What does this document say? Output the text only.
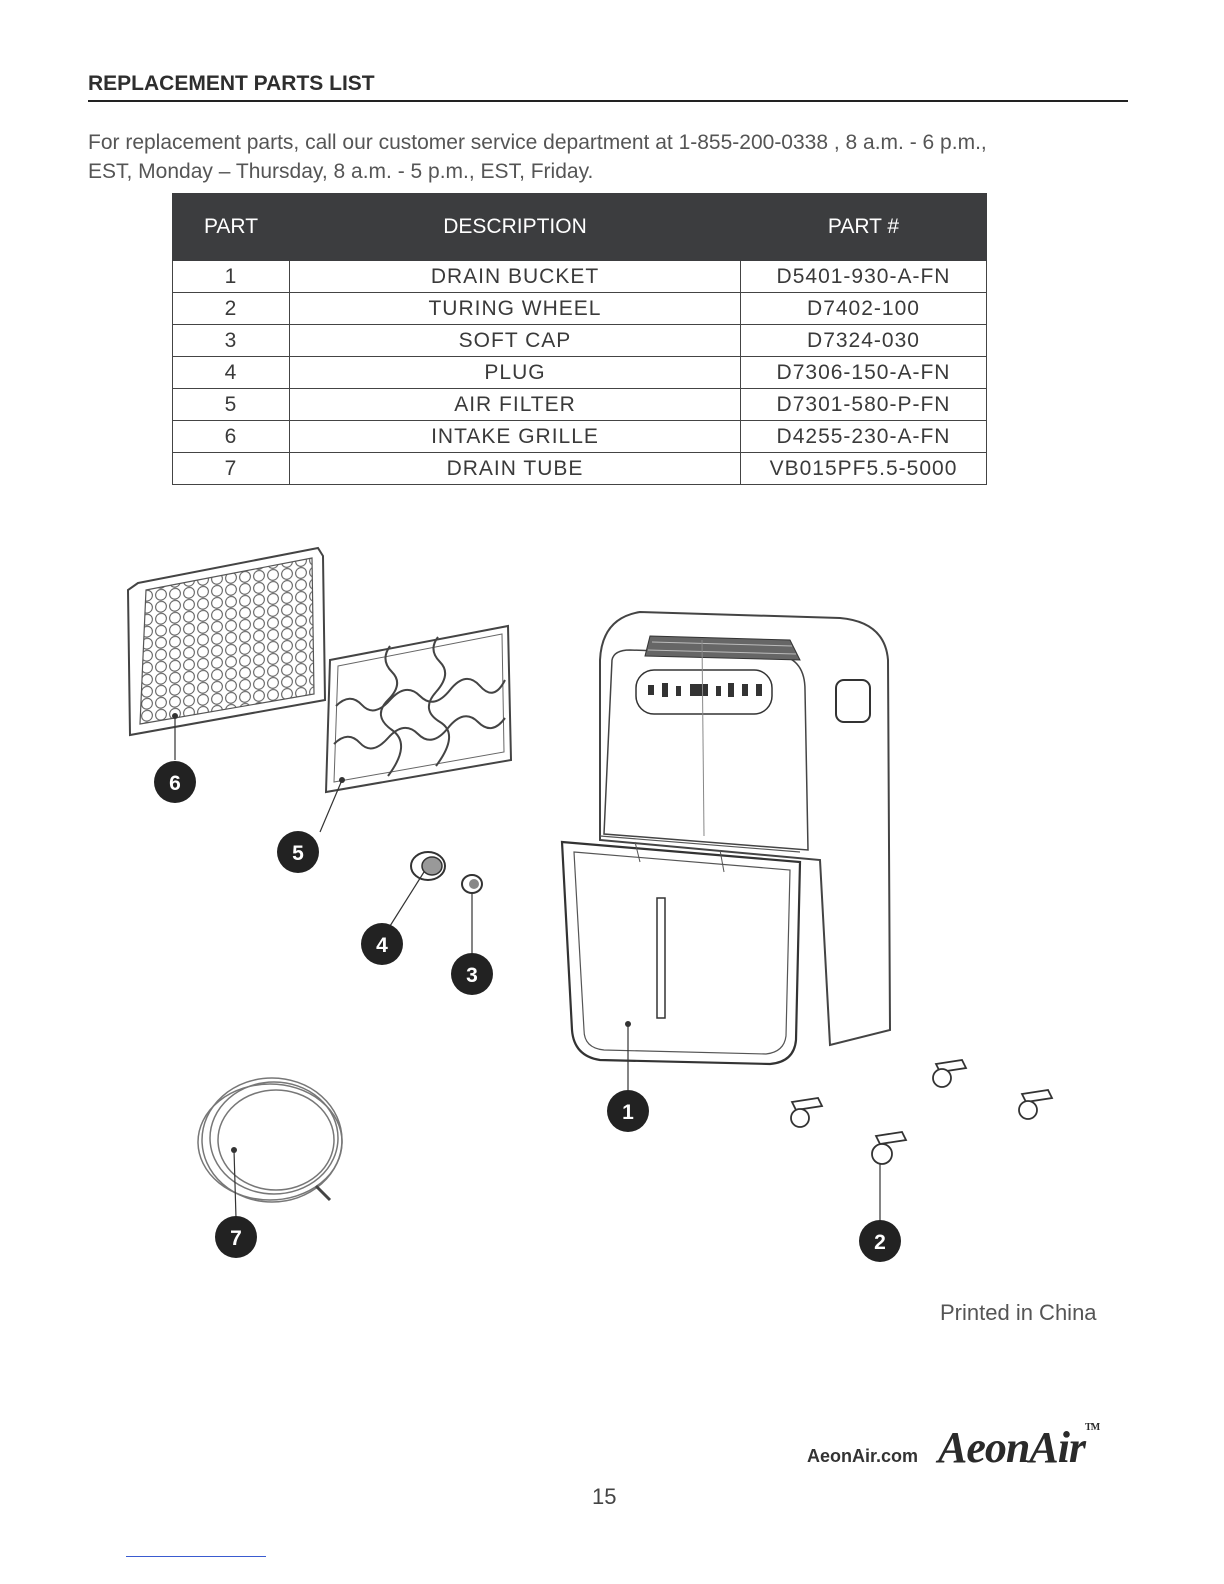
REPLACEMENT PARTS LIST
For replacement parts, call our customer service department at 1-855-200-0338 , 8 a.m. - 6 p.m.,
EST, Monday – Thursday, 8 a.m. - 5 p.m., EST, Friday.
PART	DESCRIPTION	PART #
1	DRAIN BUCKET	D5401-930-A-FN
2	TURING WHEEL	D7402-100
3	SOFT CAP	D7324-030
4	PLUG	D7306-150-A-FN
5	AIR FILTER	D7301-580-P-FN
6	INTAKE GRILLE	D4255-230-A-FN
7	DRAIN TUBE	VB015PF5.5-5000
1
2
3
4
5
6
7
Printed in China
AeonAir.com AeonAir™
15
